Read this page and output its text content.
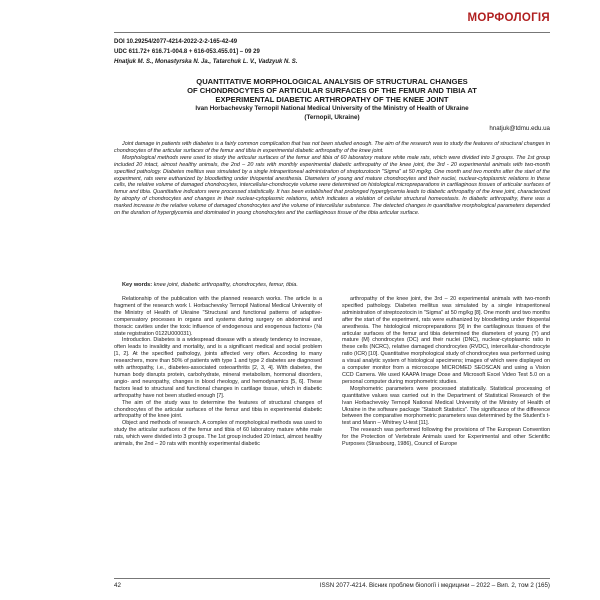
МОРФОЛОГІЯ
DOI 10.29254/2077-4214-2022-2-2-165-42-49
UDC 611.72+ 616.71-004.8 + 616-053.455.01] – 09 29
Hnatjuk M. S., Monastyrska N. Ja., Tatarchuk L. V., Vadzyuk N. S.
QUANTITATIVE MORPHOLOGICAL ANALYSIS OF STRUCTURAL CHANGES
OF CHONDROCYTES OF ARTICULAR SURFACES OF THE FEMUR AND TIBIA AT
EXPERIMENTAL DIABETIC ARTHROPATHY OF THE KNEE JOINT
Ivan Horbachevsky Ternopil National Medical University of the Ministry of Health of Ukraine
(Ternopil, Ukraine)
hnatjuk@tdmu.edu.ua

Joint damage in patients with diabetes is a fairly common complication that has not been studied enough. The aim of the research was to study the features of structural changes in chondrocytes of the articular surfaces of the femur and tibia in experimental diabetic arthropathy of the knee joint.

Morphological methods were used to study the articular surfaces of the femur and tibia of 60 laboratory mature white male rats, which were divided into 3 groups. The 1st group included 20 intact, almost healthy animals, the 2nd – 20 rats with monthly experimental diabetic arthropathy of the knee joint, the 3rd - 20 experimental animals with two-month specified pathology. Diabetes mellitus was simulated by a single intraperitoneal administration of streptozotocin "Sigma" at 50 mg/kg. One month and two months after the start of the experiment, rats were euthanized by bloodletting under thiopental anesthesia. Diameters of young and mature chondrocytes and their nuclei, nuclear-cytoplasmic relations in these cells, the relative volume of damaged chondrocytes, intercellular-chondrocyte volume were determined on histological micropreparations in cartilaginous tissues of articular surfaces of femur and tibia. Quantitative indicators were processed statistically. It has been established that prolonged hyperglycemia leads to diabetic arthropathy of the knee joint, characterized by atrophy of chondrocytes and changes in their nuclear-cytoplasmic relations, which indicates a violation of cellular structural homeostasis. In diabetic arthropathy, there was a marked increase in the relative volume of damaged chondrocytes and the volume of intercellular substance. The detected changes in quantitative morphological parameters depended on the duration of hyperglycemia and dominated in young chondrocytes and the cartilaginous tissue of the tibia articular surface.

Key words: knee joint, diabetic arthropathy, chondrocytes, femur, tibia.

Relationship of the publication with the planned research works. The article is a fragment of the research work I. Horbachevsky Ternopil National Medical University of the Ministry of Health of Ukraine "Structural and functional patterns of adaptive-compensatory processes in organs and systems during surgery on abdominal and thoracic cavities under the toxic influence of endogenous and exogenous factors» (№ state registration 0122U000031).

Introduction. Diabetes is a widespread disease with a steady tendency to increase, often leads to invalidity and mortality, and is a significant medical and social problem [1, 2]. At the specified pathology, joints affected very often. According to many researchers, more than 50% of patients with type 1 and type 2 diabetes are diagnosed with arthropathy, i.e., diabetes-associated osteoarthritis [2, 3, 4]. With diabetes, the human body disrupts protein, carbohydrate, mineral metabolism, hormonal disorders, angio- and neuropathy, changes in blood rheology, and hemodynamics [5, 6]. These factors lead to structural and functional changes in cartilage tissue, which in diabetic arthropathy have not been studied enough [7].

The aim of the study was to determine the features of structural changes of chondrocytes of the articular surfaces of the femur and tibia in experimental diabetic arthropathy of the knee joint.

Object and methods of research. A complex of morphological methods was used to study the articular surfaces of the femur and tibia of 60 laboratory mature white male rats, which were divided into 3 groups. The 1st group included 20 intact, almost healthy animals, the 2nd – 20 rats with monthly experimental diabetic

arthropathy of the knee joint, the 3rd – 20 experimental animals with two-month specified pathology. Diabetes mellitus was simulated by a single intraperitoneal administration of streptozotocin in "Sigma" at 50 mg/kg [8]. One month and two months after the start of the experiment, rats were euthanized by bloodletting under thiopental anesthesia. The histological micropreparations [9] in the cartilaginous tissues of the articular surfaces of the femur and tibia determined the diameters of young (Y) and mature (M) chondrocytes (DC) and their nuclei (DNC), nuclear-cytoplasmic ratio in these cells (NCRC), relative damaged chondrocytes (RVDC), intercellular-chondrocyte ratio (ICR) [10]. Quantitative morphological study of chondrocytes was performed using a visual analytic system of histological specimens; images of which were displayed on a computer monitor from a microscope MICROMED SEOSCAN and using a Vision CCD Camera. We used KAAPA Image Dose and Microsoft Excel Video Test 5.0 on a personal computer during morphometric studies.

Morphometric parameters were processed statistically. Statistical processing of quantitative values was carried out in the Department of Statistical Research of the Ivan Horbachevsky Ternopil National Medical University of the Ministry of Health of Ukraine in the software package "Statsoft Statistics". The significance of the difference between the comparative morphometric parameters was determined by the Student's t-test and Mann – Whitney U-test [11].

The research was performed following the provisions of The European Convention for the Protection of Vertebrate Animals used for Experimental and other Scientific Purposes (Strasbourg, 1986), Council of Europe

42	ISSN 2077-4214. Вісник проблем біології і медицини – 2022 – Вип. 2, том 2 (165)
